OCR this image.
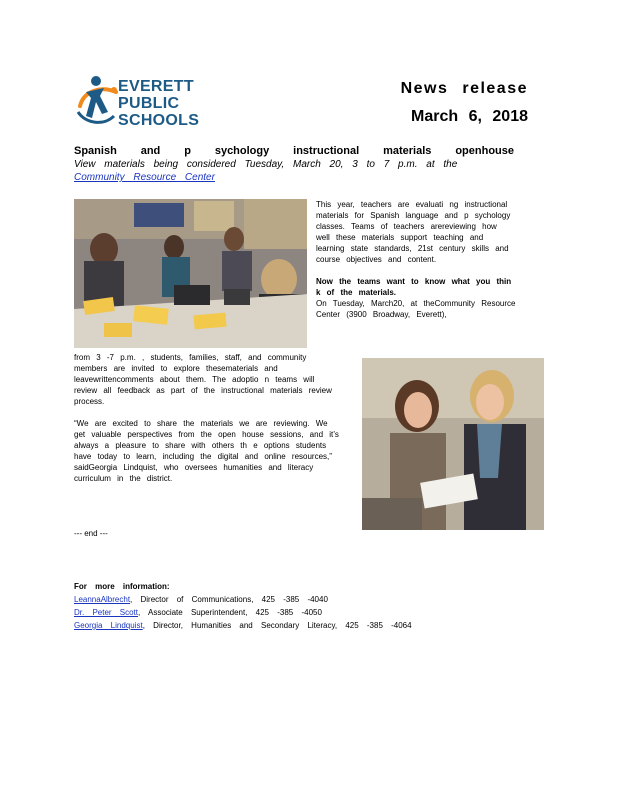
EVERETT
PUBLIC
SCHOOLS
News release
March 6, 2018
Spanish and p sychology instructional materials openhouse
View materials being considered Tuesday, March 20, 3 to 7 p.m. at the Community Resource Center

This year, teachers are evaluati ng instructional materials for Spanish language and p sychology classes. Teams of teachers arereviewing how well these materials support teaching and learning state standards, 21st century skills and course objectives and content.

Now the teams want to know what you thin k of the materials.
On Tuesday, March20, at theCommunity Resource Center (3900 Broadway, Everett),

from 3 -7 p.m. , students, families, staff, and community members are invited to explore thesematerials and leavewrittencomments about them. The adoptio n teams will review all feedback as part of the instructional materials review process.

“We are excited to share the materials we are reviewing. We get valuable perspectives from the open house sessions, and it’s always a pleasure to share with others th e options students have today to learn, including the digital and online resources,” saidGeorgia Lindquist, who oversees humanities and literacy curriculum in the district.

--- end ---
For more information:
LeannaAlbrecht, Director of Communications, 425 -385 -4040
Dr. Peter Scott, Associate Superintendent, 425 -385 -4050
Georgia Lindquist, Director, Humanities and Secondary Literacy, 425 -385 -4064
